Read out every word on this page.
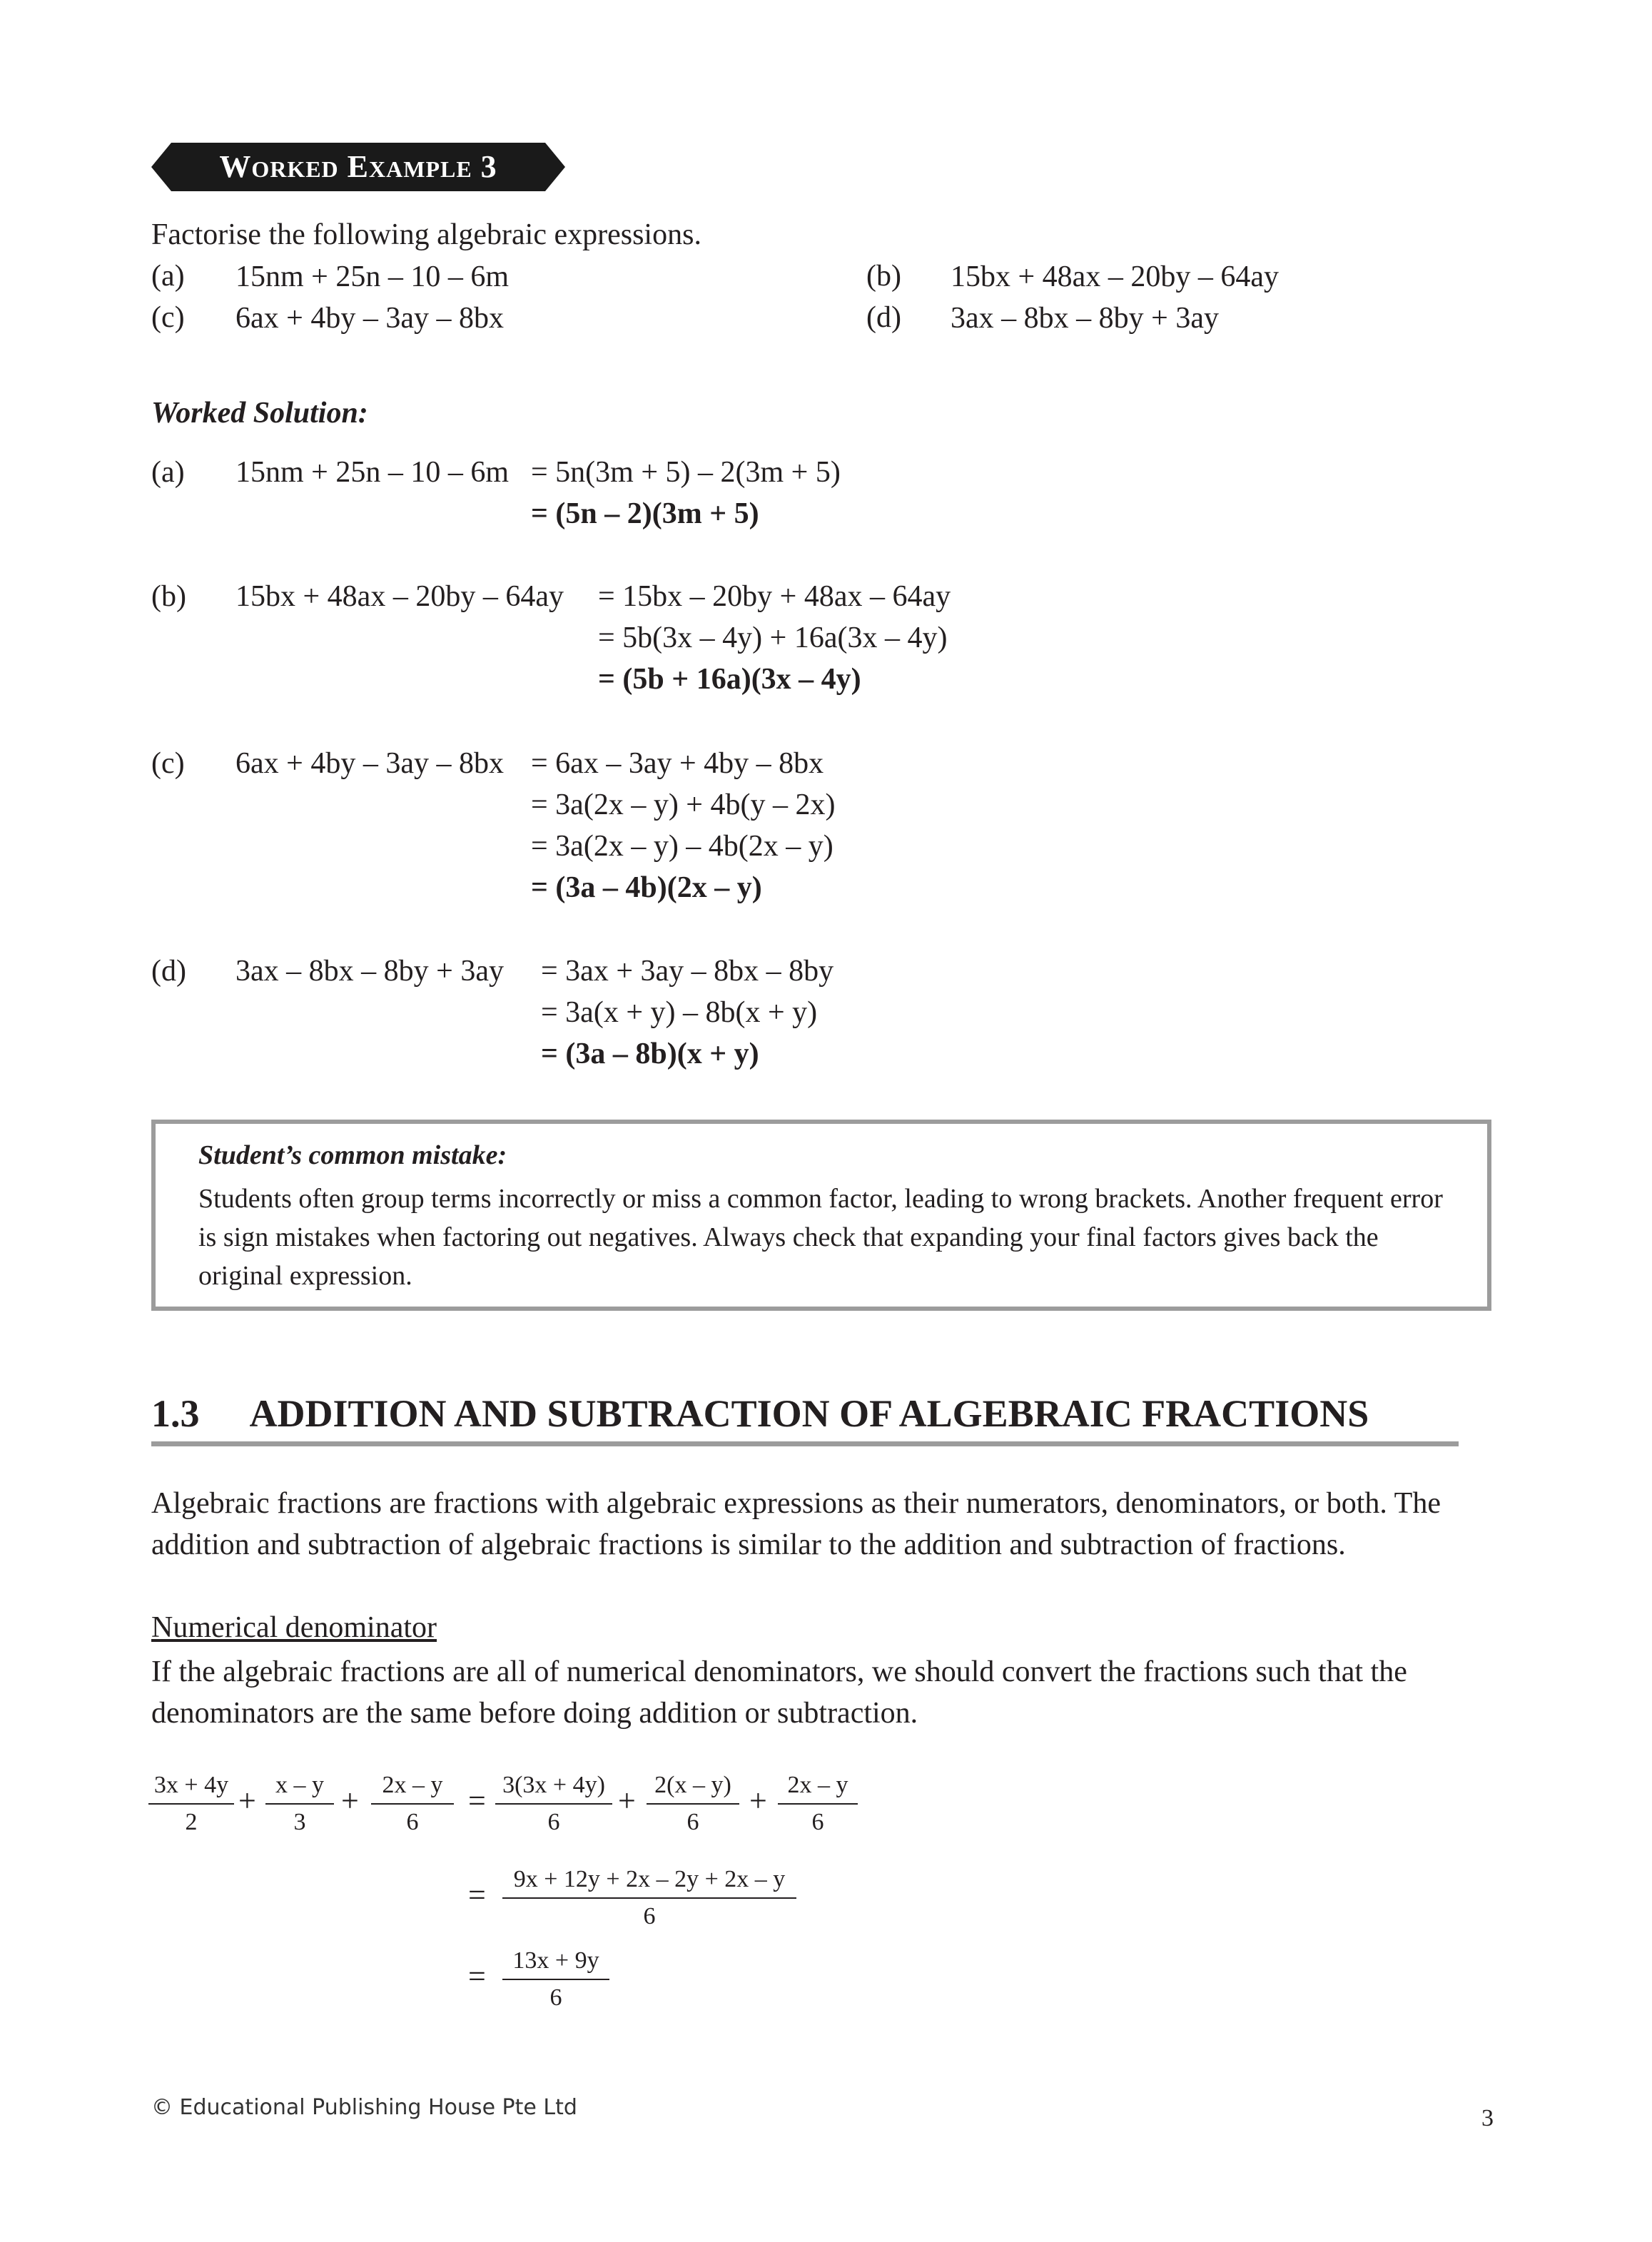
WORKED EXAMPLE 3
Factorise the following algebraic expressions.
(a) 15nm + 25n – 10 – 6m	(b) 15bx + 48ax – 20by – 64ay
(c) 6ax + 4by – 3ay – 8bx	(d) 3ax – 8bx – 8by + 3ay
Worked Solution:
(a) 15nm + 25n – 10 – 6m = 5n(3m + 5) – 2(3m + 5)
= (5n – 2)(3m + 5)
(b) 15bx + 48ax – 20by – 64ay = 15bx – 20by + 48ax – 64ay
= 5b(3x – 4y) + 16a(3x – 4y)
= (5b + 16a)(3x – 4y)
(c) 6ax + 4by – 3ay – 8bx = 6ax – 3ay + 4by – 8bx
= 3a(2x – y) + 4b(y – 2x)
= 3a(2x – y) – 4b(2x – y)
= (3a – 4b)(2x – y)
(d) 3ax – 8bx – 8by + 3ay = 3ax + 3ay – 8bx – 8by
= 3a(x + y) – 8b(x + y)
= (3a – 8b)(x + y)
Student’s common mistake:
Students often group terms incorrectly or miss a common factor, leading to wrong brackets. Another frequent error is sign mistakes when factoring out negatives. Always check that expanding your final factors gives back the original expression.
1.3 ADDITION AND SUBTRACTION OF ALGEBRAIC FRACTIONS
Algebraic fractions are fractions with algebraic expressions as their numerators, denominators, or both. The addition and subtraction of algebraic fractions is similar to the addition and subtraction of fractions.
Numerical denominator
If the algebraic fractions are all of numerical denominators, we should convert the fractions such that the denominators are the same before doing addition or subtraction.
3x + 4y
2
+ x – y
3
+ 2x – y
6
= 3(3x + 4y)
6
+ 2(x – y)
6
+ 2x – y
6
=	9x + 12y + 2x – 2y + 2x – y
6
=	13x + 9y
6
© Educational Publishing House Pte Ltd	3
